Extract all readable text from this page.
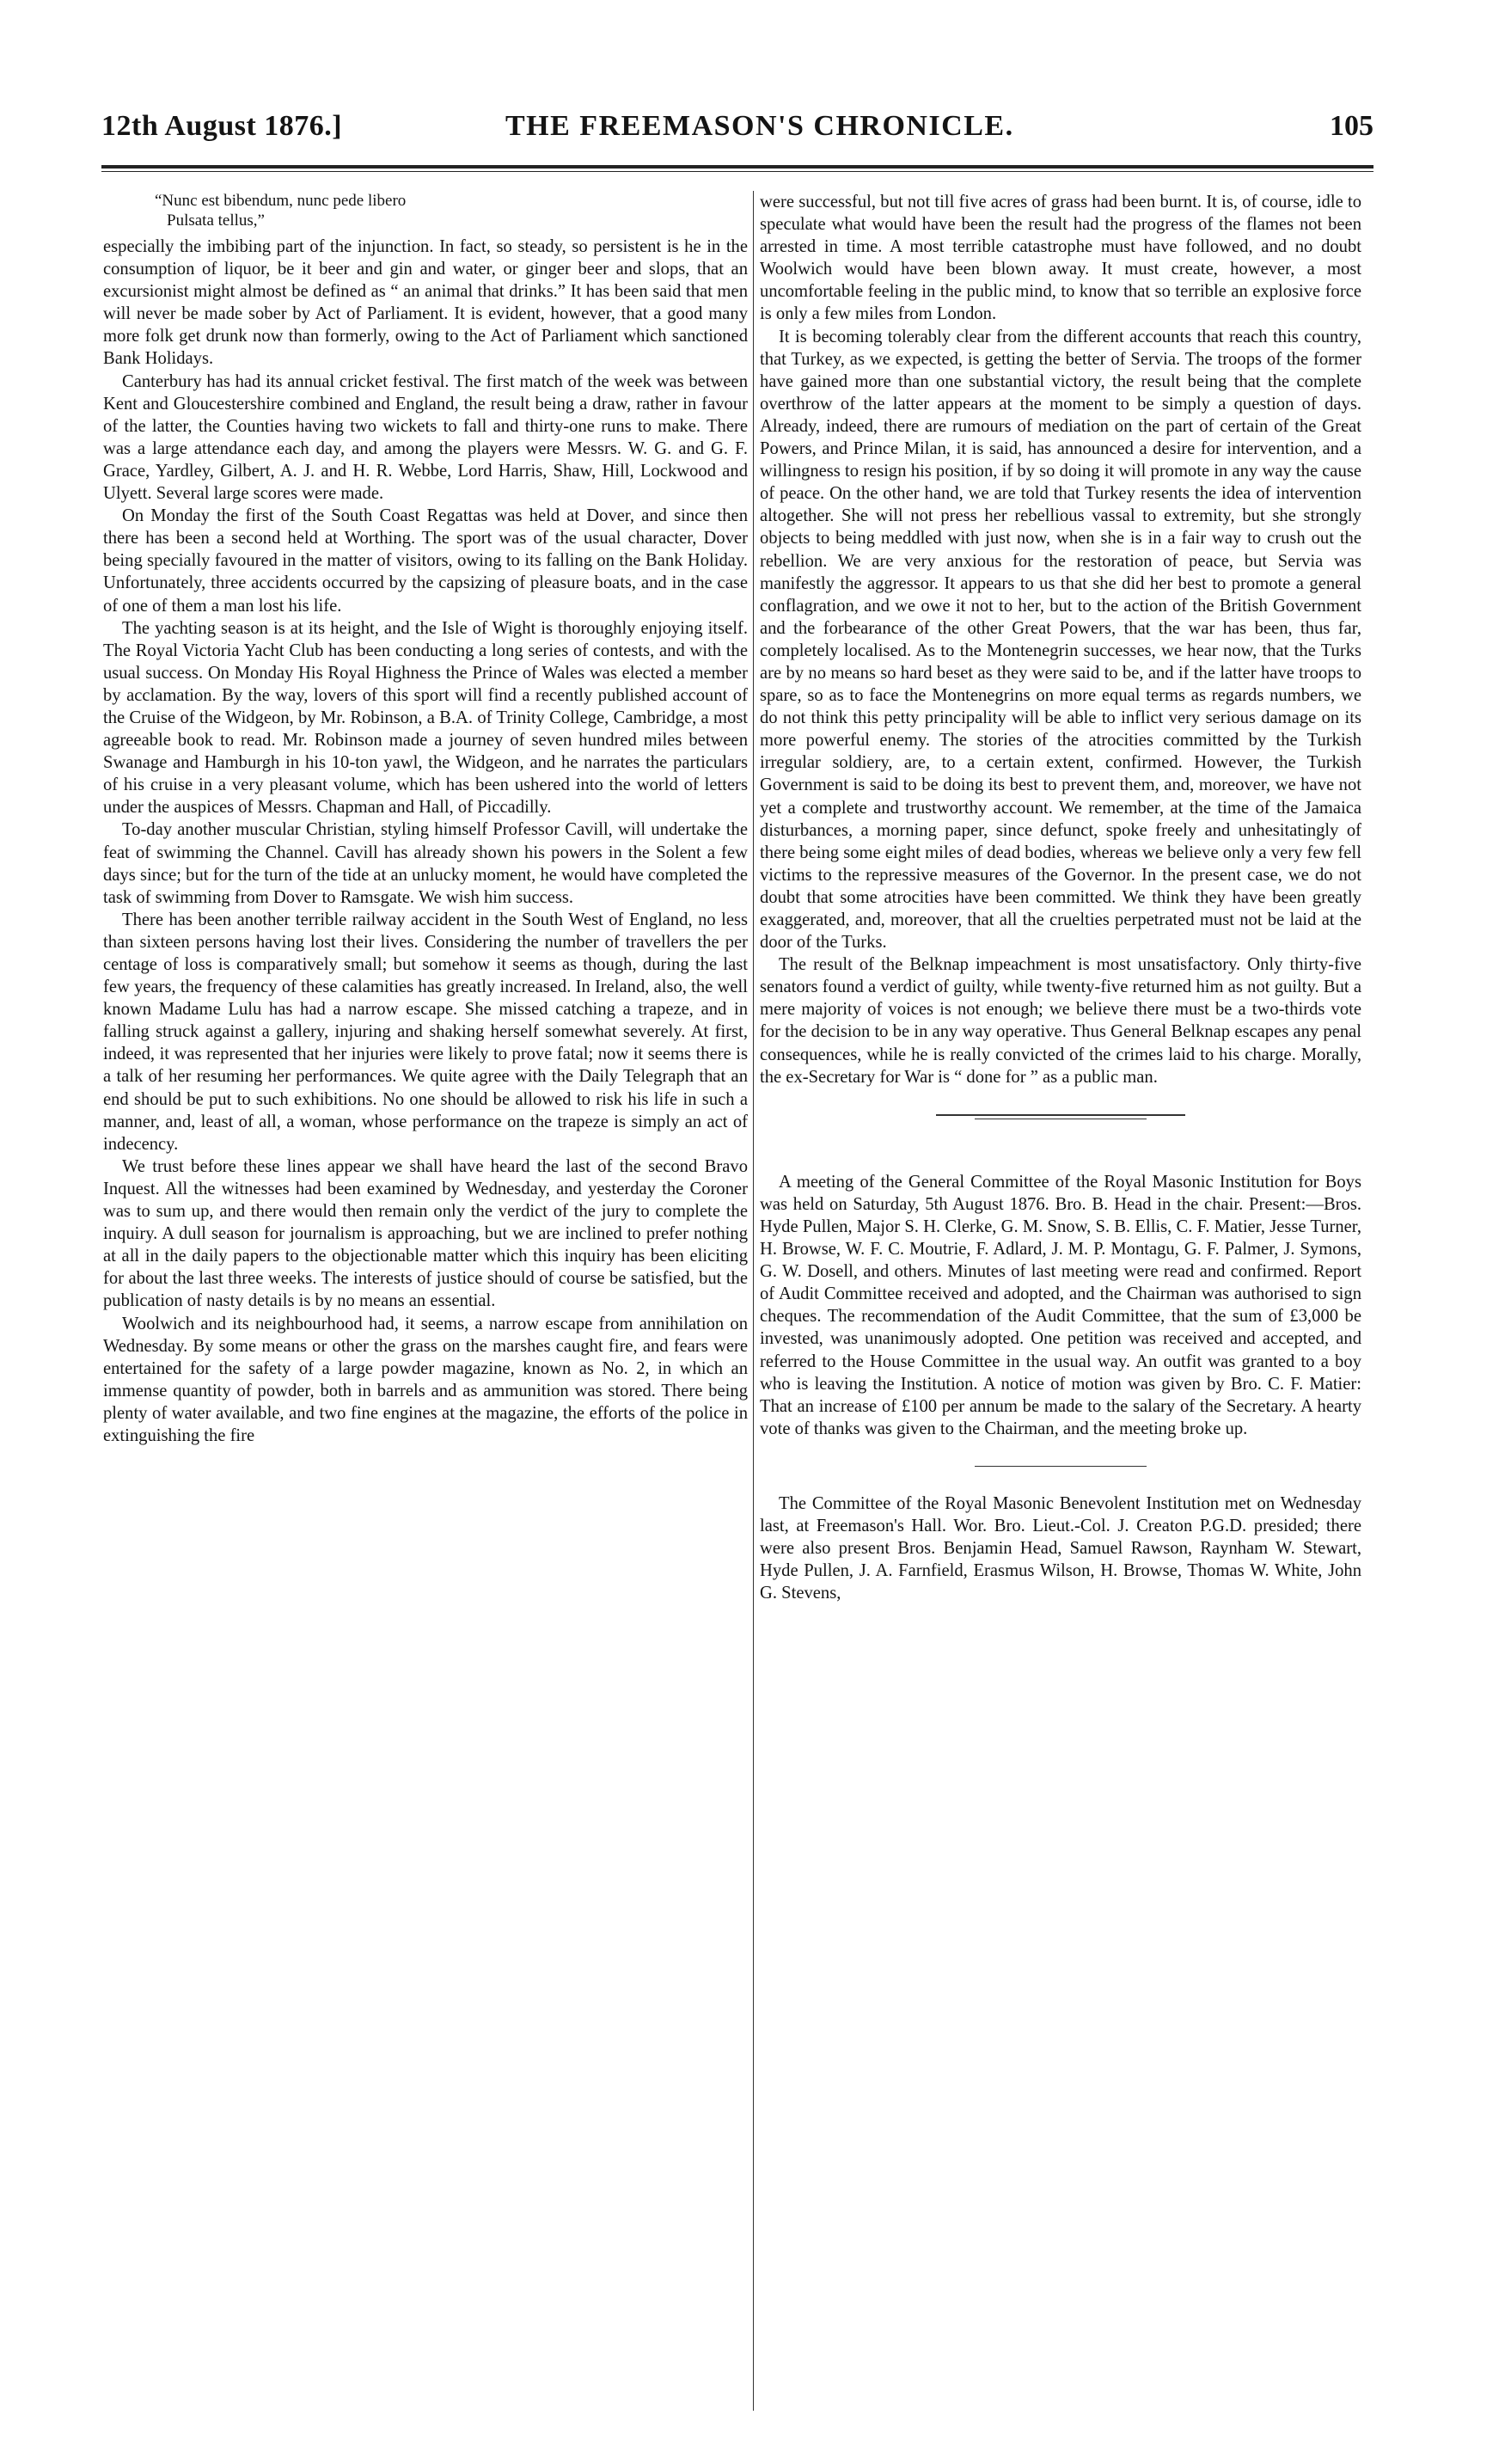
12th August 1876.]	THE FREEMASON'S CHRONICLE.	105
“Nunc est bibendum, nunc pede libero
Pulsata tellus,”

especially the imbibing part of the injunction. In fact, so steady, so persistent is he in the consumption of liquor, be it beer and gin and water, or ginger beer and slops, that an excursionist might almost be defined as “ an animal that drinks.” It has been said that men will never be made sober by Act of Parliament. It is evident, however, that a good many more folk get drunk now than formerly, owing to the Act of Parliament which sanctioned Bank Holidays.

Canterbury has had its annual cricket festival. The first match of the week was between Kent and Gloucestershire combined and England, the result being a draw, rather in favour of the latter, the Counties having two wickets to fall and thirty-one runs to make. There was a large attendance each day, and among the players were Messrs. W. G. and G. F. Grace, Yardley, Gilbert, A. J. and H. R. Webbe, Lord Harris, Shaw, Hill, Lockwood and Ulyett. Several large scores were made.

On Monday the first of the South Coast Regattas was held at Dover, and since then there has been a second held at Worthing. The sport was of the usual character, Dover being specially favoured in the matter of visitors, owing to its falling on the Bank Holiday. Unfortunately, three accidents occurred by the capsizing of pleasure boats, and in the case of one of them a man lost his life.

The yachting season is at its height, and the Isle of Wight is thoroughly enjoying itself. The Royal Victoria Yacht Club has been conducting a long series of contests, and with the usual success. On Monday His Royal Highness the Prince of Wales was elected a member by acclamation. By the way, lovers of this sport will find a recently published account of the Cruise of the Widgeon, by Mr. Robinson, a B.A. of Trinity College, Cambridge, a most agreeable book to read. Mr. Robinson made a journey of seven hundred miles between Swanage and Hamburgh in his 10-ton yawl, the Widgeon, and he narrates the particulars of his cruise in a very pleasant volume, which has been ushered into the world of letters under the auspices of Messrs. Chapman and Hall, of Piccadilly.

To-day another muscular Christian, styling himself Professor Cavill, will undertake the feat of swimming the Channel. Cavill has already shown his powers in the Solent a few days since; but for the turn of the tide at an unlucky moment, he would have completed the task of swimming from Dover to Ramsgate. We wish him success.

There has been another terrible railway accident in the South West of England, no less than sixteen persons having lost their lives. Considering the number of travellers the per centage of loss is comparatively small; but somehow it seems as though, during the last few years, the frequency of these calamities has greatly increased. In Ireland, also, the well known Madame Lulu has had a narrow escape. She missed catching a trapeze, and in falling struck against a gallery, injuring and shaking herself somewhat severely. At first, indeed, it was represented that her injuries were likely to prove fatal; now it seems there is a talk of her resuming her performances. We quite agree with the Daily Telegraph that an end should be put to such exhibitions. No one should be allowed to risk his life in such a manner, and, least of all, a woman, whose performance on the trapeze is simply an act of indecency.

We trust before these lines appear we shall have heard the last of the second Bravo Inquest. All the witnesses had been examined by Wednesday, and yesterday the Coroner was to sum up, and there would then remain only the verdict of the jury to complete the inquiry. A dull season for journalism is approaching, but we are inclined to prefer nothing at all in the daily papers to the objectionable matter which this inquiry has been eliciting for about the last three weeks. The interests of justice should of course be satisfied, but the publication of nasty details is by no means an essential.

Woolwich and its neighbourhood had, it seems, a narrow escape from annihilation on Wednesday. By some means or other the grass on the marshes caught fire, and fears were entertained for the safety of a large powder magazine, known as No. 2, in which an immense quantity of powder, both in barrels and as ammunition was stored. There being plenty of water available, and two fine engines at the magazine, the efforts of the police in extinguishing the fire

were successful, but not till five acres of grass had been burnt. It is, of course, idle to speculate what would have been the result had the progress of the flames not been arrested in time. A most terrible catastrophe must have followed, and no doubt Woolwich would have been blown away. It must create, however, a most uncomfortable feeling in the public mind, to know that so terrible an explosive force is only a few miles from London.

It is becoming tolerably clear from the different accounts that reach this country, that Turkey, as we expected, is getting the better of Servia. The troops of the former have gained more than one substantial victory, the result being that the complete overthrow of the latter appears at the moment to be simply a question of days. Already, indeed, there are rumours of mediation on the part of certain of the Great Powers, and Prince Milan, it is said, has announced a desire for intervention, and a willingness to resign his position, if by so doing it will promote in any way the cause of peace. On the other hand, we are told that Turkey resents the idea of intervention altogether. She will not press her rebellious vassal to extremity, but she strongly objects to being meddled with just now, when she is in a fair way to crush out the rebellion. We are very anxious for the restoration of peace, but Servia was manifestly the aggressor. It appears to us that she did her best to promote a general conflagration, and we owe it not to her, but to the action of the British Government and the forbearance of the other Great Powers, that the war has been, thus far, completely localised. As to the Montenegrin successes, we hear now, that the Turks are by no means so hard beset as they were said to be, and if the latter have troops to spare, so as to face the Montenegrins on more equal terms as regards numbers, we do not think this petty principality will be able to inflict very serious damage on its more powerful enemy. The stories of the atrocities committed by the Turkish irregular soldiery, are, to a certain extent, confirmed. However, the Turkish Government is said to be doing its best to prevent them, and, moreover, we have not yet a complete and trustworthy account. We remember, at the time of the Jamaica disturbances, a morning paper, since defunct, spoke freely and unhesitatingly of there being some eight miles of dead bodies, whereas we believe only a very few fell victims to the repressive measures of the Governor. In the present case, we do not doubt that some atrocities have been committed. We think they have been greatly exaggerated, and, moreover, that all the cruelties perpetrated must not be laid at the door of the Turks.

The result of the Belknap impeachment is most unsatisfactory. Only thirty-five senators found a verdict of guilty, while twenty-five returned him as not guilty. But a mere majority of voices is not enough; we believe there must be a two-thirds vote for the decision to be in any way operative. Thus General Belknap escapes any penal consequences, while he is really convicted of the crimes laid to his charge. Morally, the ex-Secretary for War is “ done for ” as a public man.

A meeting of the General Committee of the Royal Masonic Institution for Boys was held on Saturday, 5th August 1876. Bro. B. Head in the chair. Present:—Bros. Hyde Pullen, Major S. H. Clerke, G. M. Snow, S. B. Ellis, C. F. Matier, Jesse Turner, H. Browse, W. F. C. Moutrie, F. Adlard, J. M. P. Montagu, G. F. Palmer, J. Symons, G. W. Dosell, and others. Minutes of last meeting were read and confirmed. Report of Audit Committee received and adopted, and the Chairman was authorised to sign cheques. The recommendation of the Audit Committee, that the sum of £3,000 be invested, was unanimously adopted. One petition was received and accepted, and referred to the House Committee in the usual way. An outfit was granted to a boy who is leaving the Institution. A notice of motion was given by Bro. C. F. Matier: That an increase of £100 per annum be made to the salary of the Secretary. A hearty vote of thanks was given to the Chairman, and the meeting broke up.

The Committee of the Royal Masonic Benevolent Institution met on Wednesday last, at Freemason's Hall. Wor. Bro. Lieut.-Col. J. Creaton P.G.D. presided; there were also present Bros. Benjamin Head, Samuel Rawson, Raynham W. Stewart, Hyde Pullen, J. A. Farnfield, Erasmus Wilson, H. Browse, Thomas W. White, John G. Stevens,
